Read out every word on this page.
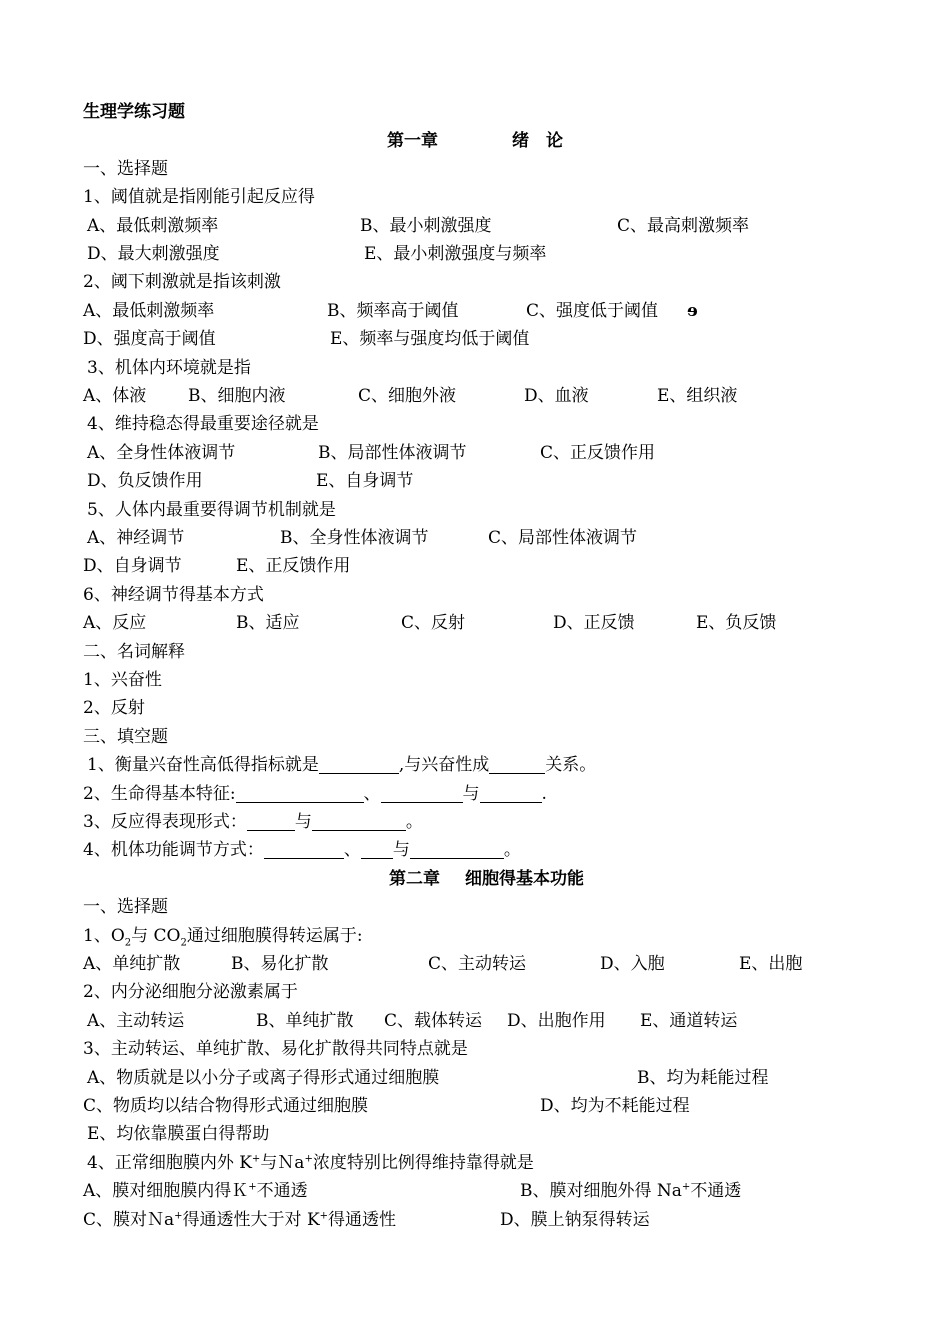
生理学练习题
第一章	绪　论
一、选择题
1、阈值就是指刚能引起反应得
A、最低刺激频率	B、最小刺激强度	C、最高刺激频率
D、最大刺激强度	E、最小刺激强度与频率
2、阈下刺激就是指该刺激
A、最低刺激频率	B、频率高于阈值	C、强度低于阈值 ɘ
D、强度高于阈值	E、频率与强度均低于阈值
3、机体内环境就是指
A、体液 B、细胞内液	C、细胞外液	D、血液	E、组织液
4、维持稳态得最重要途径就是
A、全身性体液调节	B、局部性体液调节	C、正反馈作用
D、负反馈作用	E、自身调节
5、人体内最重要得调节机制就是
A、神经调节	B、全身性体液调节	C、局部性体液调节
D、自身调节	E、正反馈作用
6、神经调节得基本方式
A、反应	B、适应	C、反射	D、正反馈	E、负反馈
二、名词解释
1、兴奋性
2、反射
三、填空题
1、衡量兴奋性高低得指标就是	,与兴奋性成	关系。
2、生命得基本特征:	、	与	.
3、反应得表现形式：	与	。
4、机体功能调节方式：	、 与	。
第二章 细胞得基本功能
一、选择题
1、$O_2$与 $CO_2$通过细胞膜得转运属于:
A、单纯扩散	B、易化扩散	C、主动转运	D、入胞	E、出胞
2、内分泌细胞分泌激素属于
A、主动转运	B、单纯扩散 C、载体转运 D、出胞作用 E、通道转运
3、主动转运、单纯扩散、易化扩散得共同特点就是
A、物质就是以小分子或离子得形式通过细胞膜	B、均为耗能过程
C、物质均以结合物得形式通过细胞膜	D、均为不耗能过程
E、均依靠膜蛋白得帮助
4、正常细胞膜内外 K+与Ｎa+浓度特别比例得维持靠得就是
A、膜对细胞膜内得Ｋ+不通透	B、膜对细胞外得 Na+不通透
C、膜对Ｎa+得通透性大于对 K+得通透性	D、膜上钠泵得转运
